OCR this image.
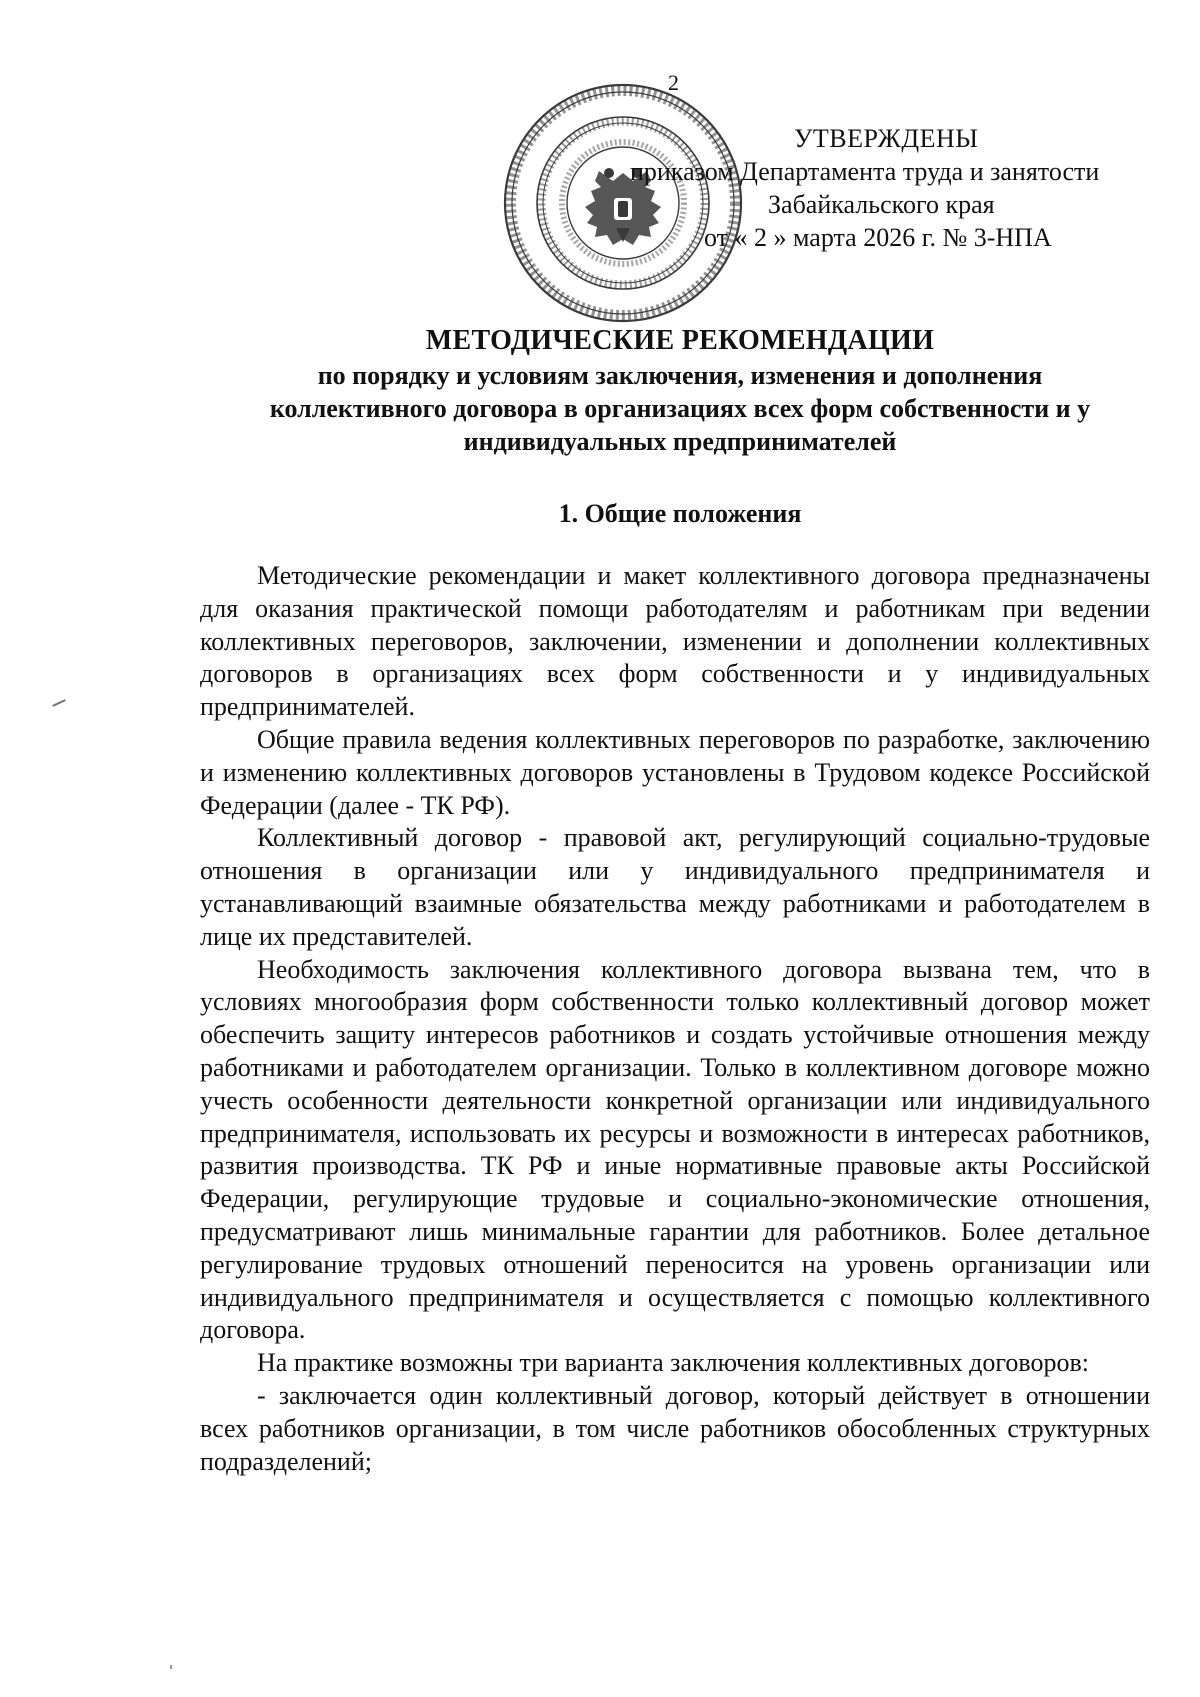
2
УТВЕРЖДЕНЫ
приказом Департамента труда и занятости
Забайкальского края
от « 2 » марта 2026 г. № 3-НПА
МЕТОДИЧЕСКИЕ РЕКОМЕНДАЦИИ
по порядку и условиям заключения, изменения и дополнения
коллективного договора в организациях всех форм собственности и у
индивидуальных предпринимателей
1. Общие положения

Методические рекомендации и макет коллективного договора предназначены для оказания практической помощи работодателям и работникам при ведении коллективных переговоров, заключении, изменении и дополнении коллективных договоров в организациях всех форм собственности и у индивидуальных предпринимателей.

Общие правила ведения коллективных переговоров по разработке, заключению и изменению коллективных договоров установлены в Трудовом кодексе Российской Федерации (далее - ТК РФ).

Коллективный договор - правовой акт, регулирующий социально-трудовые отношения в организации или у индивидуального предпринимателя и устанавливающий взаимные обязательства между работниками и работодателем в лице их представителей.

Необходимость заключения коллективного договора вызвана тем, что в условиях многообразия форм собственности только коллективный договор может обеспечить защиту интересов работников и создать устойчивые отношения между работниками и работодателем организации. Только в коллективном договоре можно учесть особенности деятельности конкретной организации или индивидуального предпринимателя, использовать их ресурсы и возможности в интересах работников, развития производства. ТК РФ и иные нормативные правовые акты Российской Федерации, регулирующие трудовые и социально-экономические отношения, предусматривают лишь минимальные гарантии для работников. Более детальное регулирование трудовых отношений переносится на уровень организации или индивидуального предпринимателя и осуществляется с помощью коллективного договора.

На практике возможны три варианта заключения коллективных договоров:

- заключается один коллективный договор, который действует в отношении всех работников организации, в том числе работников обособленных структурных подразделений;
